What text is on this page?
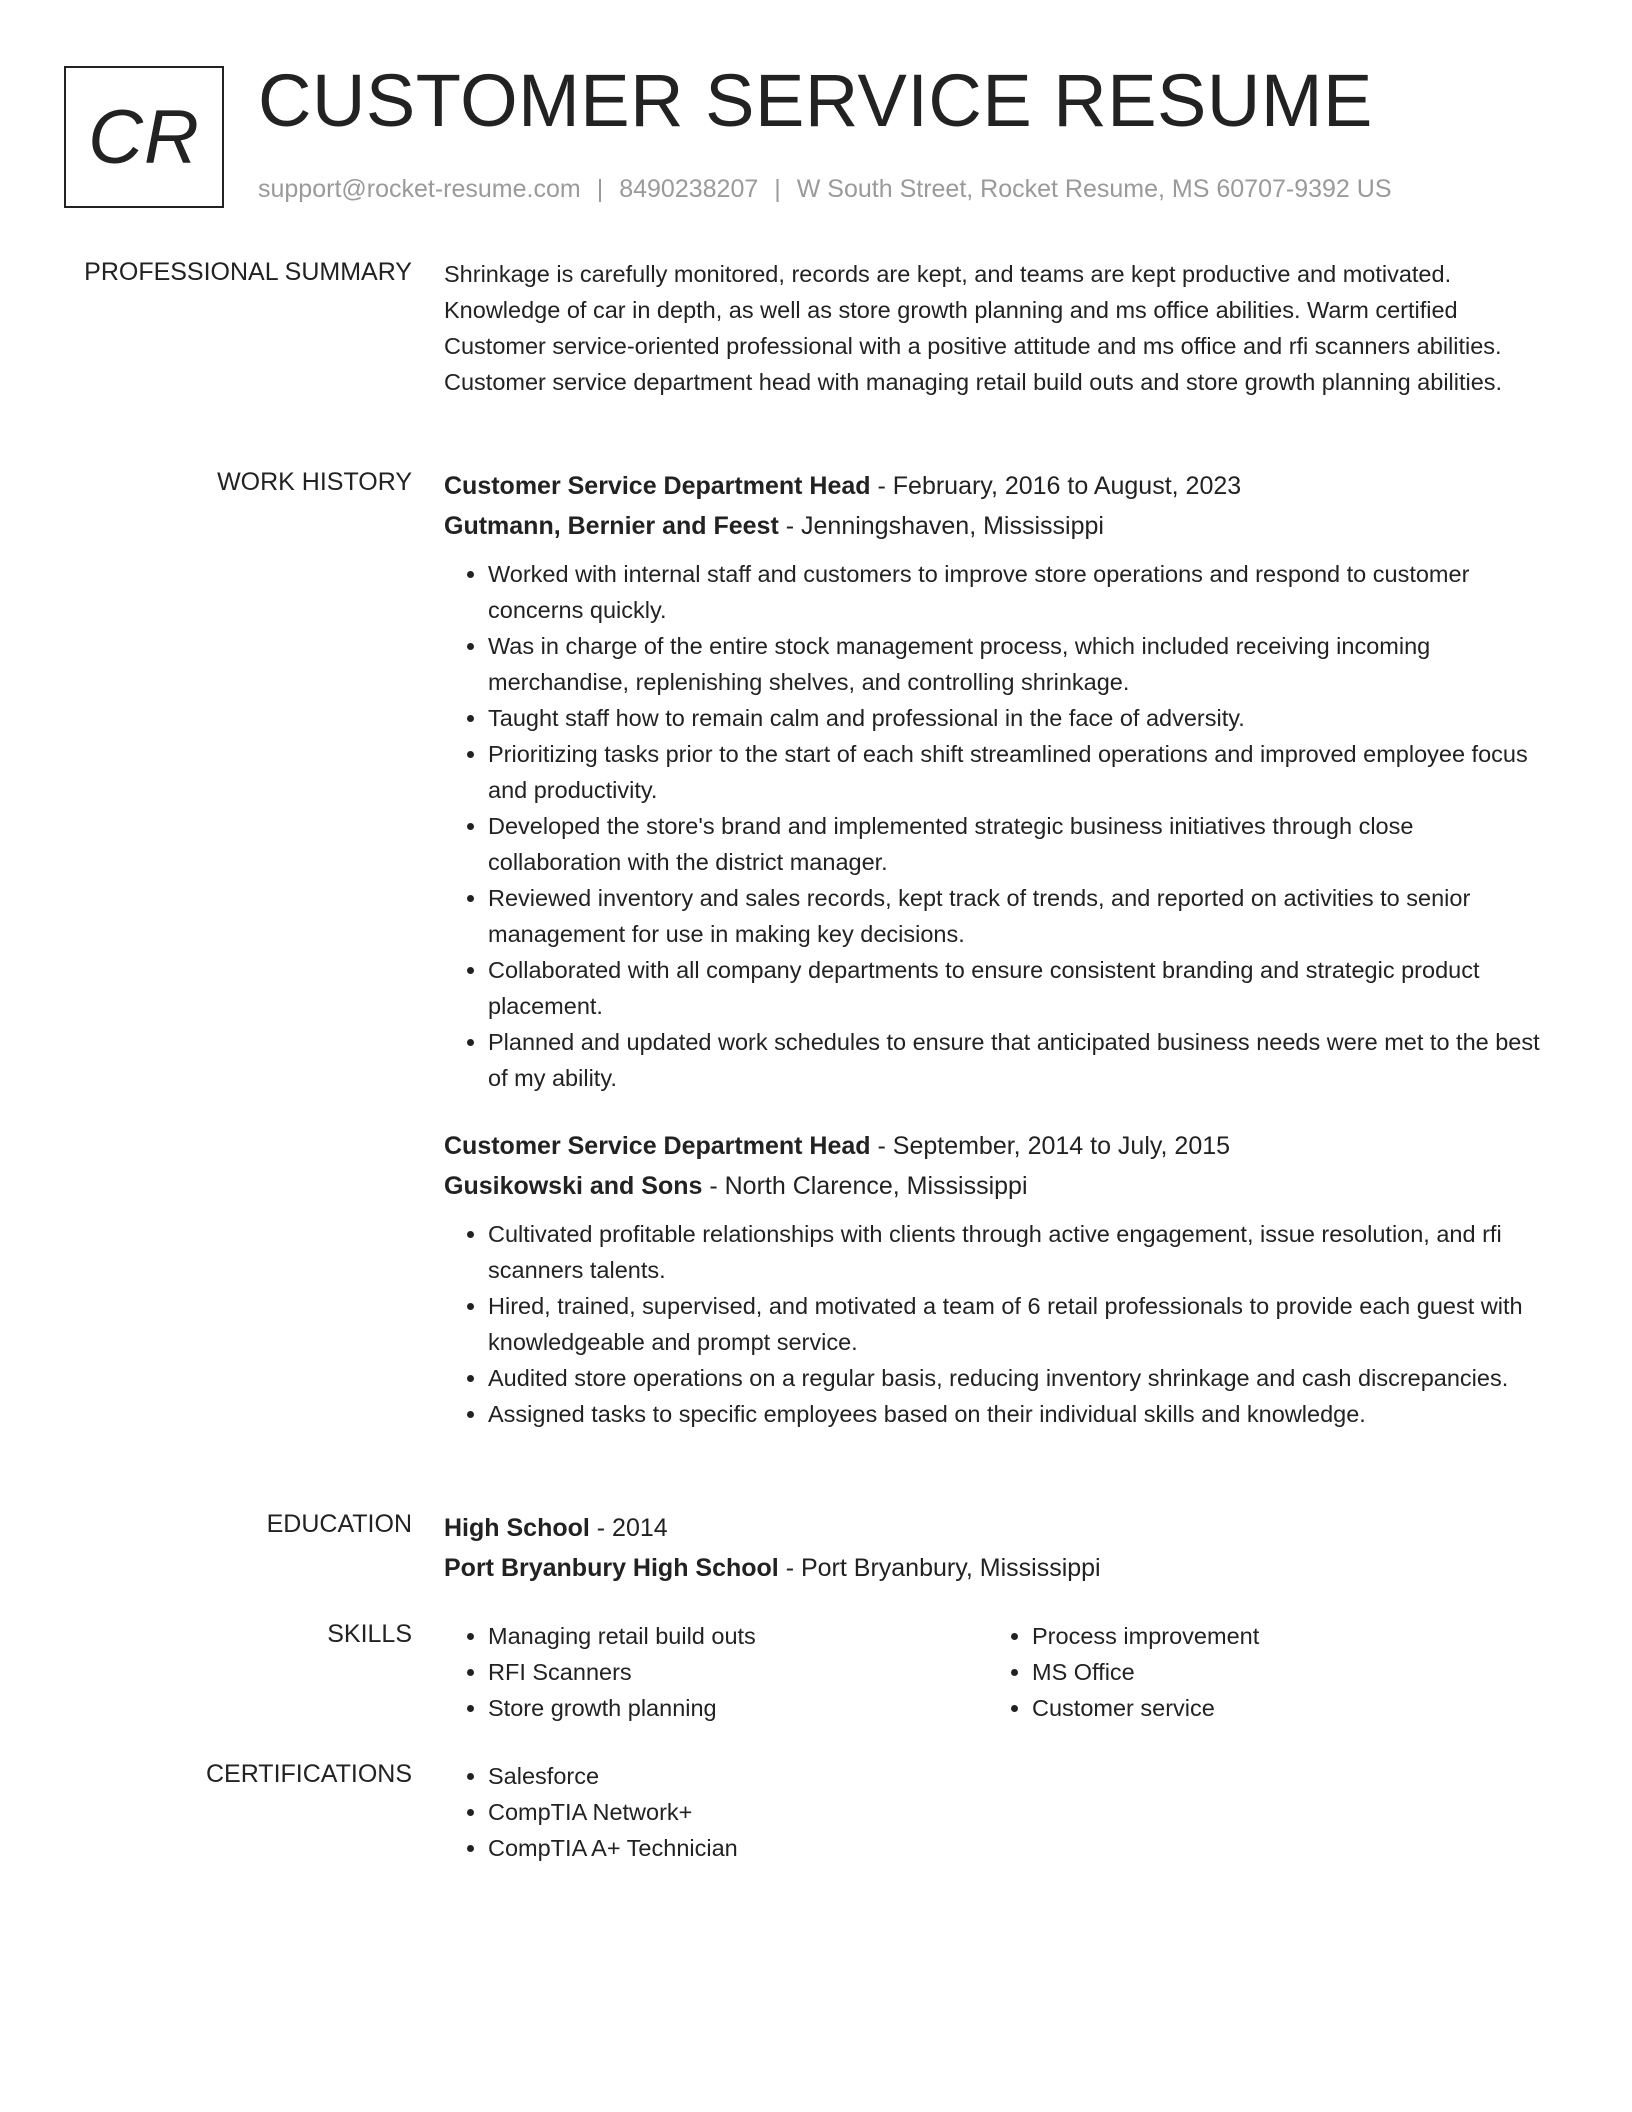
CR CUSTOMER SERVICE RESUME
support@rocket-resume.com | 8490238207 | W South Street, Rocket Resume, MS 60707-9392 US
PROFESSIONAL SUMMARY Shrinkage is carefully monitored, records are kept, and teams are kept productive and motivated. Knowledge of car in depth, as well as store growth planning and ms office abilities. Warm certified Customer service-oriented professional with a positive attitude and ms office and rfi scanners abilities. Customer service department head with managing retail build outs and store growth planning abilities.

WORK HISTORY Customer Service Department Head - February, 2016 to August, 2023
Gutmann, Bernier and Feest - Jenningshaven, Mississippi
• Worked with internal staff and customers to improve store operations and respond to customer concerns quickly.
• Was in charge of the entire stock management process, which included receiving incoming merchandise, replenishing shelves, and controlling shrinkage.
• Taught staff how to remain calm and professional in the face of adversity.
• Prioritizing tasks prior to the start of each shift streamlined operations and improved employee focus and productivity.
• Developed the store's brand and implemented strategic business initiatives through close collaboration with the district manager.
• Reviewed inventory and sales records, kept track of trends, and reported on activities to senior management for use in making key decisions.
• Collaborated with all company departments to ensure consistent branding and strategic product placement.
• Planned and updated work schedules to ensure that anticipated business needs were met to the best of my ability.
Customer Service Department Head - September, 2014 to July, 2015
Gusikowski and Sons - North Clarence, Mississippi
• Cultivated profitable relationships with clients through active engagement, issue resolution, and rfi scanners talents.
• Hired, trained, supervised, and motivated a team of 6 retail professionals to provide each guest with knowledgeable and prompt service.
• Audited store operations on a regular basis, reducing inventory shrinkage and cash discrepancies.
• Assigned tasks to specific employees based on their individual skills and knowledge.
EDUCATION High School - 2014
Port Bryanbury High School - Port Bryanbury, Mississippi
SKILLS	• Managing retail build outs
• RFI Scanners
• Store growth planning
• Process improvement
• MS Office
• Customer service
CERTIFICATIONS	• Salesforce
• CompTIA Network+
• CompTIA A+ Technician
